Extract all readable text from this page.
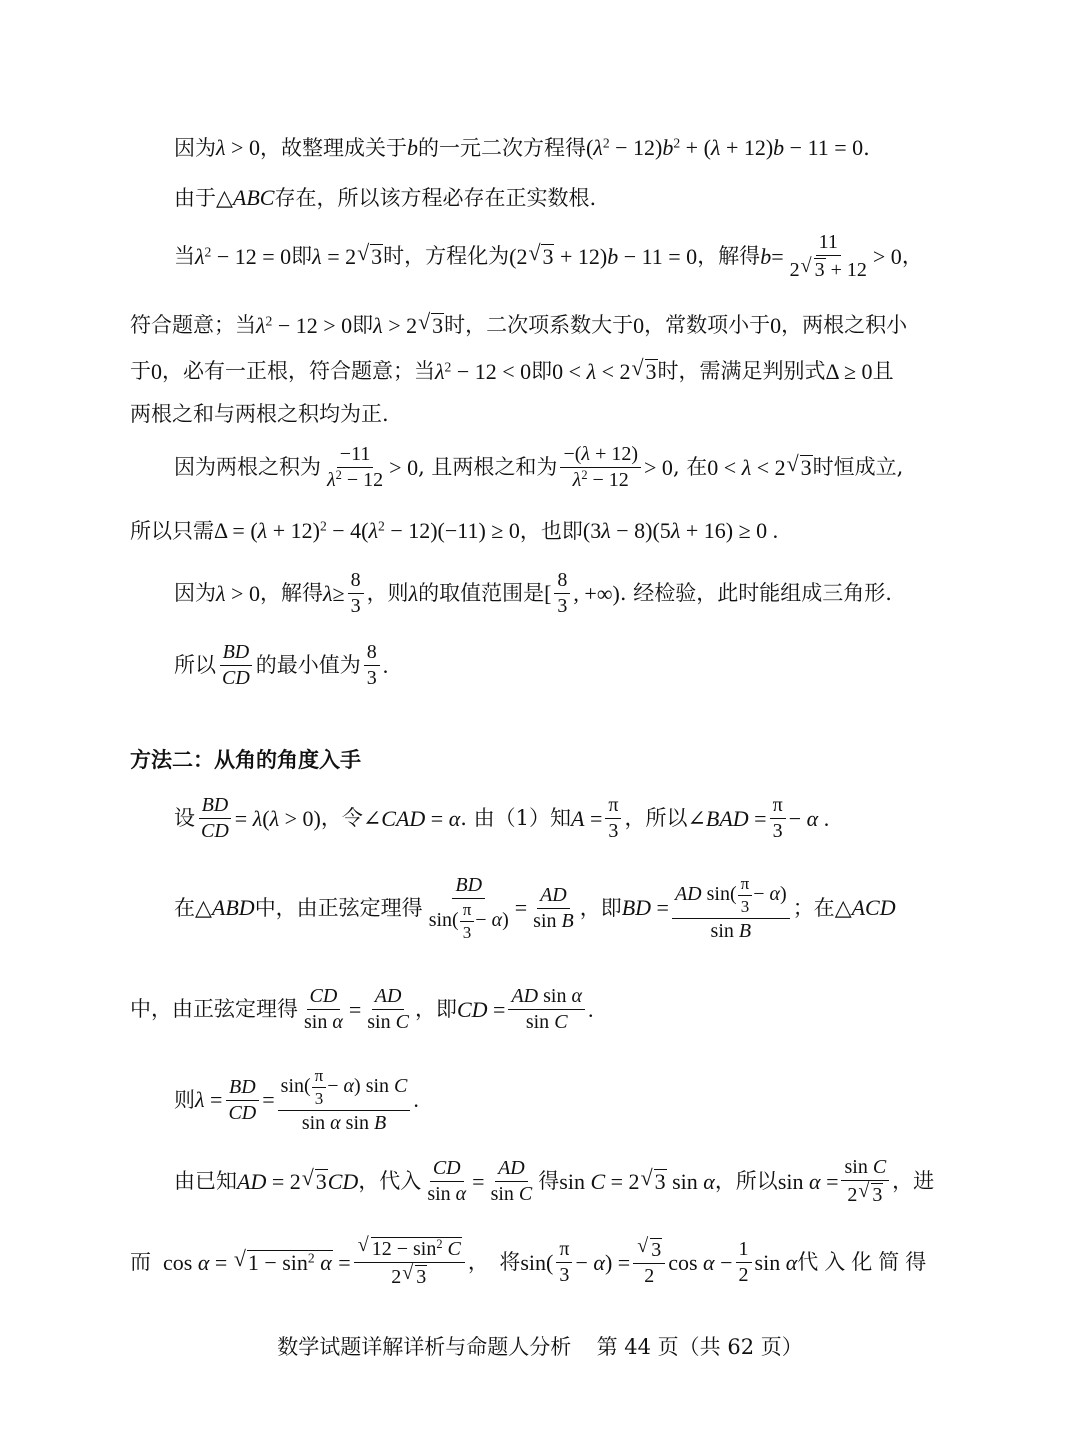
因为 λ > 0 ，故整理成关于 b 的一元二次方程得 $(\lambda^2 - 12)b^2 + (\lambda + 12)b - 11 = 0$ .
由于 △ABC 存在，所以该方程必存在正实数根.
当 $\lambda^2 - 12 = 0$ 即 λ = 2 √ 3 时，方程化为 (2 √ 3 + 12)b − 11 = 0 ，解得 $b = \frac{11}{2 √ 3 + 12} > 0$ ，
符合题意；当 $\lambda^2 - 12 > 0$ 即 λ > 2 √ 3 时，二次项系数大于 0 ，常数项小于 0 ，两根之积小
于 0 ，必有一正根，符合题意；当 $\lambda^2 - 12 < 0$ 即 0 < λ < 2 √ 3 时，需满足判别式 Δ ≥ 0 且
两根之和与两根之积均为正.
因为两根之积为 $\frac{-11}{\lambda^2 - 12} > 0$ , 且两根之和为 $\frac{-(\lambda + 12)}{\lambda^2 - 12} > 0$ , 在 0 < λ < 2 √ 3 时恒成立,
所以只需 $\Delta = (\lambda + 12)^2 - 4(\lambda^2 - 12)(-11) \ge 0$ ，也即 (3λ − 8)(5λ + 16) ≥ 0 .
因为 λ > 0 ，解得 $\lambda \ge \frac{8}{3}$ ，则 λ 的取值范围是 [ $\frac{8}{3}$ , +∞) . 经检验，此时能组成三角形.
所以 $\frac{BD}{CD}$ 的最小值为 $\frac{8}{3}$ .
方法二：从角的角度入手
设 $\frac{BD}{CD} = \lambda(\lambda > 0)$ ，令 ∠CAD = α . 由（1）知 $A = \frac{\pi}{3}$ ，所以 ∠BAD = $\frac{\pi}{3} - \alpha$ .
在 △ABD 中，由正弦定理得 $\frac{BD}{\sin( \frac{\pi}{3} - \alpha)} = \frac{AD}{\text{sin B}}$ ，即 BD = $\frac{AD \sin( \frac{\pi}{3} - \alpha)}{\text{sin B}}$ ；在 △ACD
中，由正弦定理得 $\frac{CD}{\text{sin α}} = \frac{AD}{\text{sin C}}$ ，即 CD = $\frac{\text{AD sin α}}{\text{sin C}}$ .
则 $\lambda = \frac{BD}{CD} = \frac{\sin( \frac{\pi}{3} - \alpha) \sin C}{\text{sin α sin B}}$ .
由已知 AD = 2 √ 3CD ，代入 $\frac{CD}{\text{sin α}} = \frac{AD}{\text{sin C}}$ 得 sin C = 2 √ 3 sin α ，所以 $\sin \alpha = \frac{\text{sin C}}{2 √ 3}$ ，进
而 cos α = √ $1 - \sin^2 \alpha$ = √ $\frac{12 - \sin^2 C}{2 √ 3}$ ，　将 $\sin( \frac{\pi}{3} - \alpha)$ = √ $\frac{3}{2}$ $\cos \alpha - \frac{1}{2}$ sin α 代入化简得
数学试题详解详析与命题人分析 第 44 页（共 62 页）
